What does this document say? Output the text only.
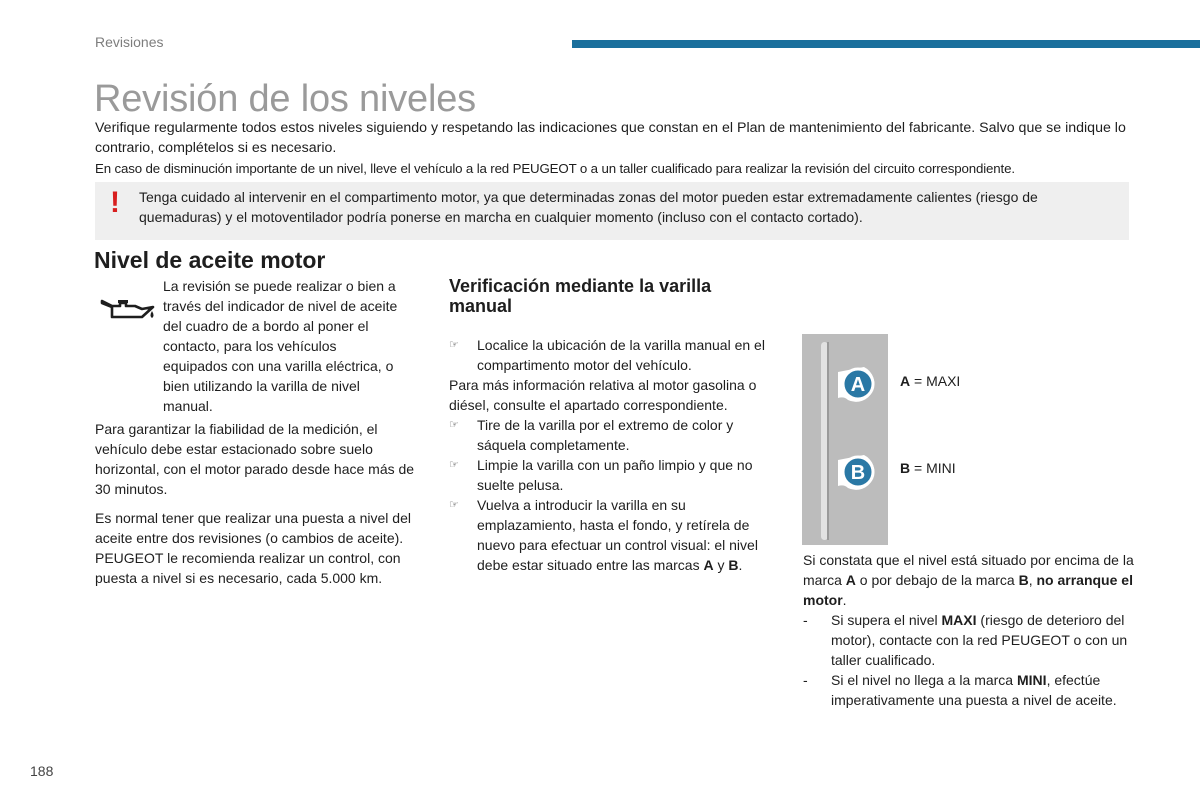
Revisiones
Revisión de los niveles
Verifique regularmente todos estos niveles siguiendo y respetando las indicaciones que constan en el Plan de mantenimiento del fabricante. Salvo que se indique lo contrario, complételos si es necesario.
En caso de disminución importante de un nivel, lleve el vehículo a la red PEUGEOT o a un taller cualificado para realizar la revisión del circuito correspondiente.
!	Tenga cuidado al intervenir en el compartimento motor, ya que determinadas zonas del motor pueden estar extremadamente calientes (riesgo de quemaduras) y el motoventilador podría ponerse en marcha en cualquier momento (incluso con el contacto cortado).
Nivel de aceite motor

La revisión se puede realizar o bien a través del indicador de nivel de aceite del cuadro de a bordo al poner el contacto, para los vehículos equipados con una varilla eléctrica, o bien utilizando la varilla de nivel manual.

Para garantizar la fiabilidad de la medición, el vehículo debe estar estacionado sobre suelo horizontal, con el motor parado desde hace más de 30 minutos.

Es normal tener que realizar una puesta a nivel del aceite entre dos revisiones (o cambios de aceite). PEUGEOT le recomienda realizar un control, con puesta a nivel si es necesario, cada 5.000 km.

Verificación mediante la varilla manual
☞	Localice la ubicación de la varilla manual en el compartimento motor del vehículo.
Para más información relativa al motor gasolina o diésel, consulte el apartado correspondiente.
☞	Tire de la varilla por el extremo de color y sáquela completamente.
☞	Limpie la varilla con un paño limpio y que no suelte pelusa.
☞	Vuelva a introducir la varilla en su emplazamiento, hasta el fondo, y retírela de nuevo para efectuar un control visual: el nivel debe estar situado entre las marcas A y B.
A
B
A = MAXI
B = MINI
Si constata que el nivel está situado por encima de la marca A o por debajo de la marca B, no arranque el motor.
-	Si supera el nivel MAXI (riesgo de deterioro del motor), contacte con la red PEUGEOT o con un taller cualificado.
-	Si el nivel no llega a la marca MINI, efectúe imperativamente una puesta a nivel de aceite.
188
